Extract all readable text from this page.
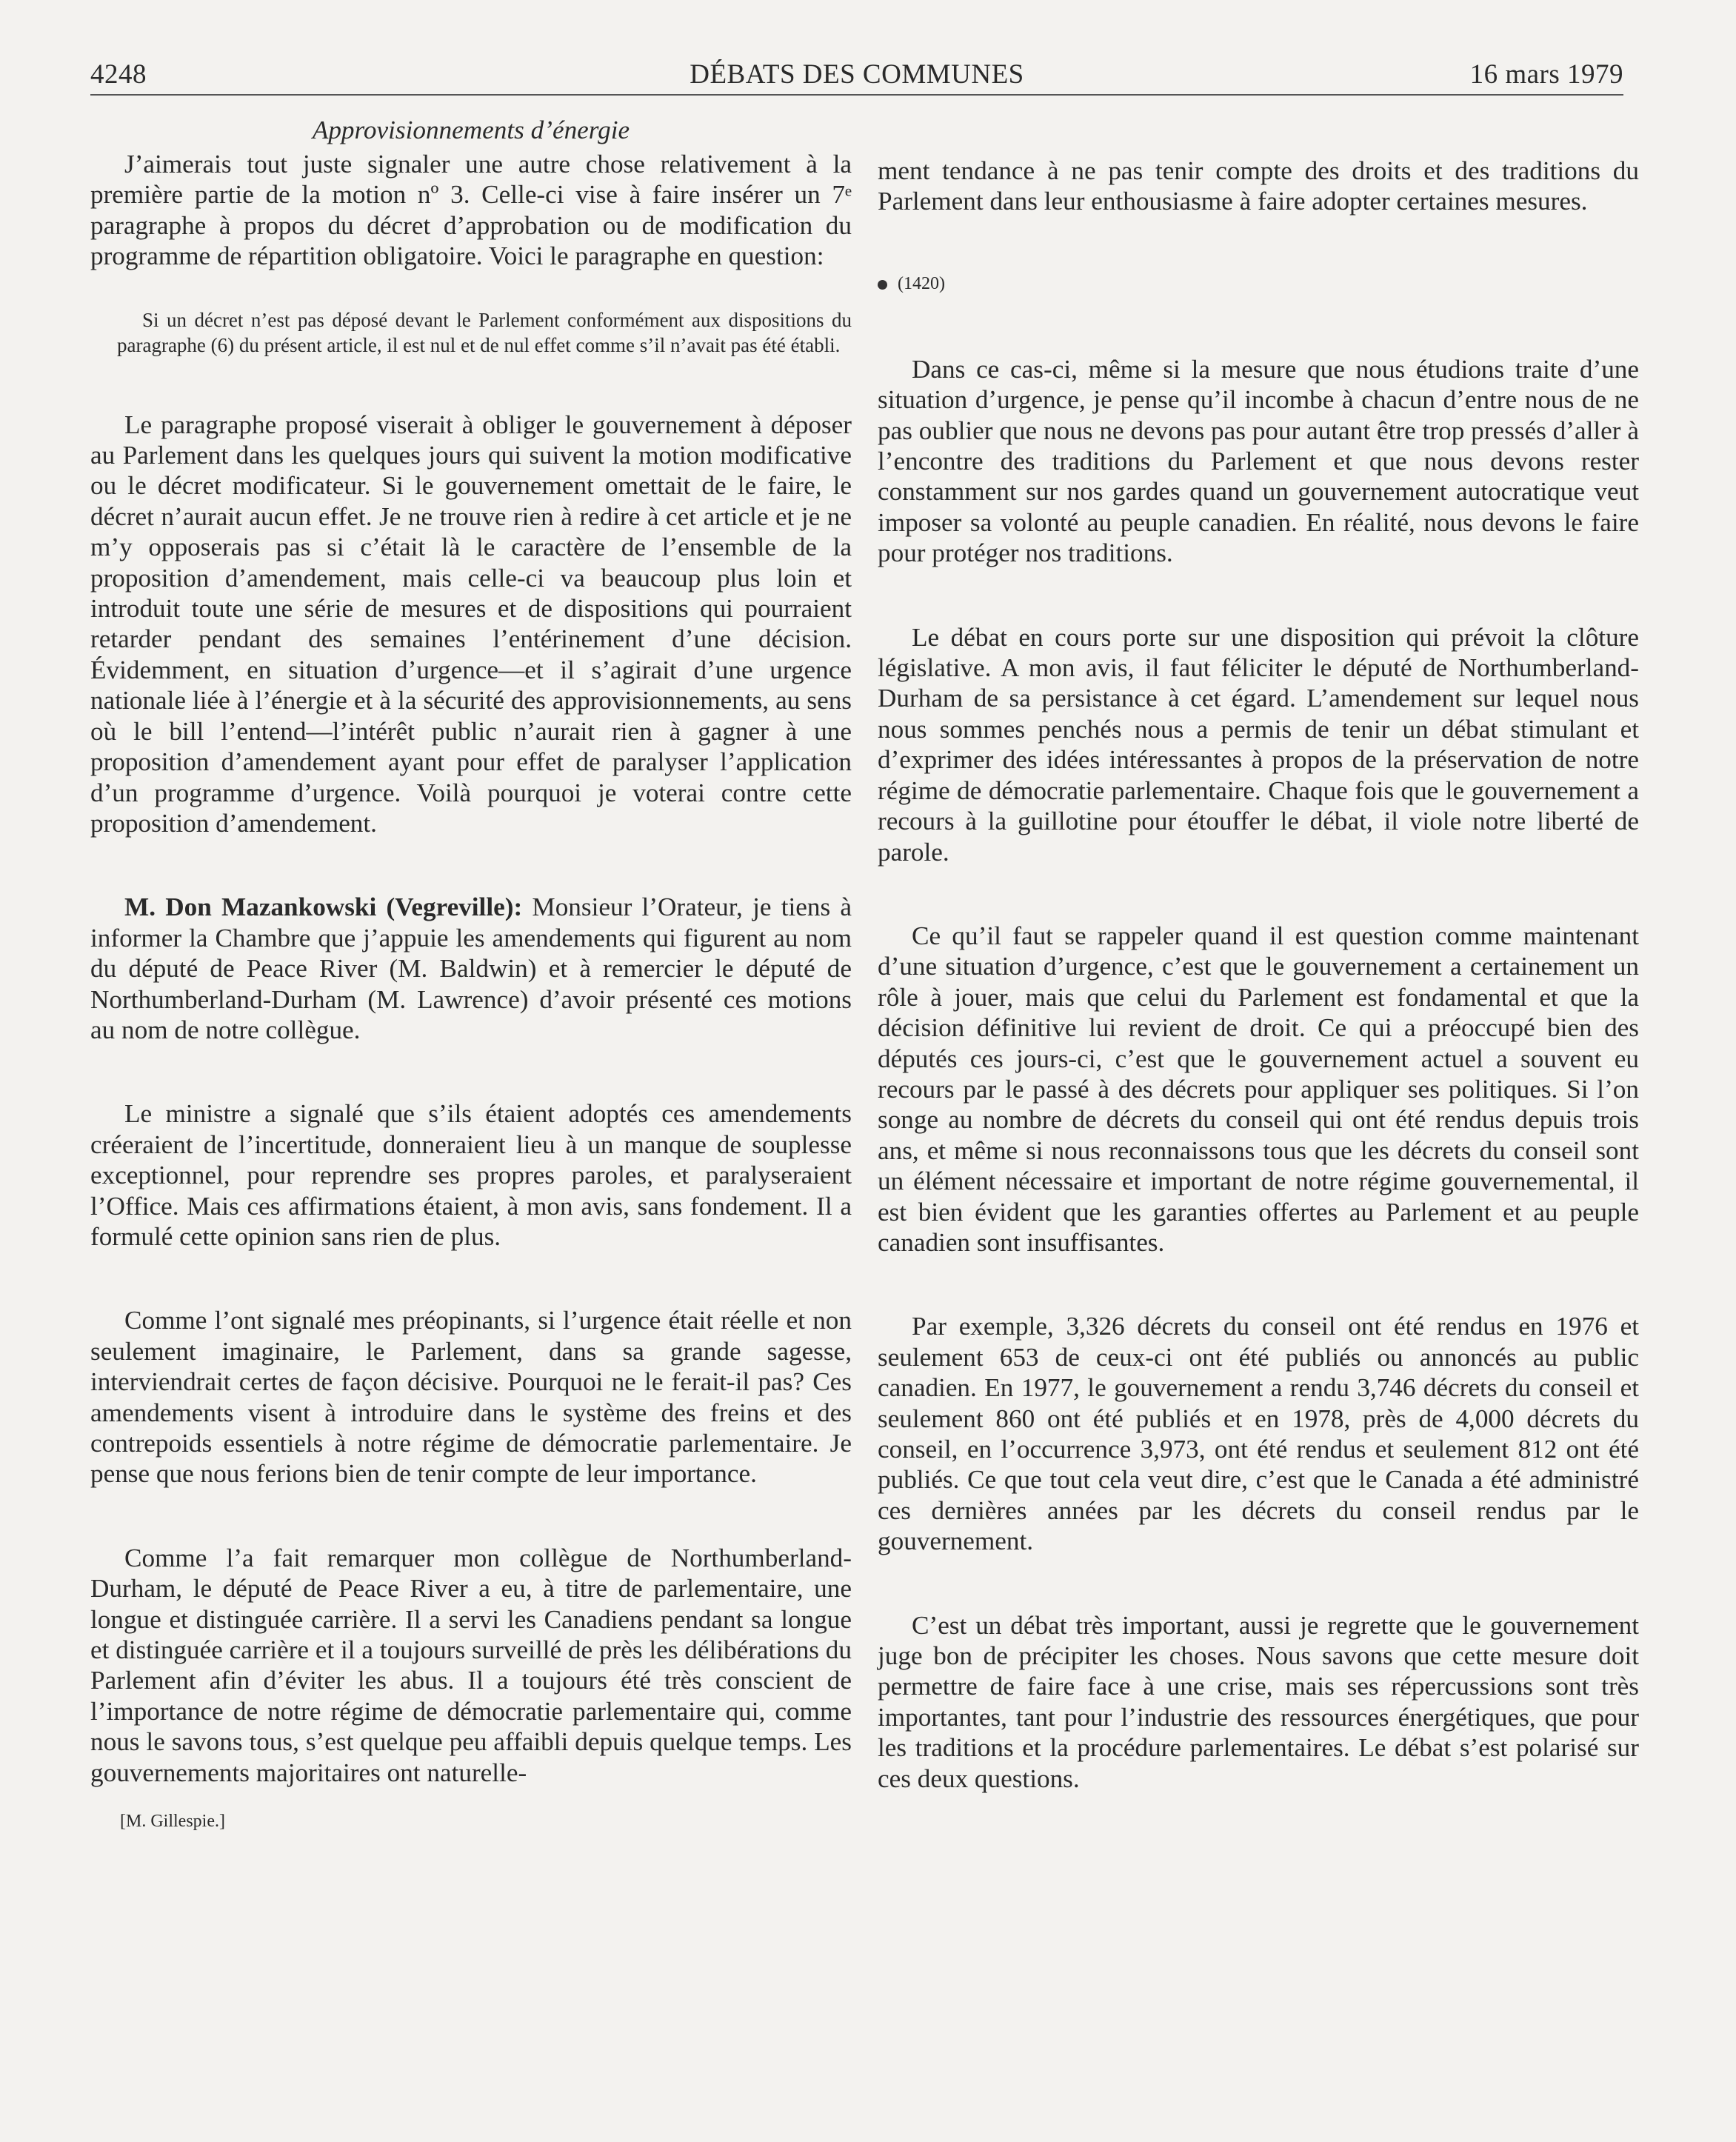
4248	DÉBATS DES COMMUNES	16 mars 1979

Approvisionnements d’énergie

J’aimerais tout juste signaler une autre chose relativement à la première partie de la motion nº 3. Celle-ci vise à faire insérer un 7ᵉ paragraphe à propos du décret d’approbation ou de modification du programme de répartition obligatoire. Voici le paragraphe en question:

Si un décret n’est pas déposé devant le Parlement conformément aux dispositions du paragraphe (6) du présent article, il est nul et de nul effet comme s’il n’avait pas été établi.

Le paragraphe proposé viserait à obliger le gouvernement à déposer au Parlement dans les quelques jours qui suivent la motion modificative ou le décret modificateur. Si le gouvernement omettait de le faire, le décret n’aurait aucun effet. Je ne trouve rien à redire à cet article et je ne m’y opposerais pas si c’était là le caractère de l’ensemble de la proposition d’amendement, mais celle-ci va beaucoup plus loin et introduit toute une série de mesures et de dispositions qui pourraient retarder pendant des semaines l’entérinement d’une décision. Évidemment, en situation d’urgence—et il s’agirait d’une urgence nationale liée à l’énergie et à la sécurité des approvisionnements, au sens où le bill l’entend—l’intérêt public n’aurait rien à gagner à une proposition d’amendement ayant pour effet de paralyser l’application d’un programme d’urgence. Voilà pourquoi je voterai contre cette proposition d’amendement.

M. Don Mazankowski (Vegreville): Monsieur l’Orateur, je tiens à informer la Chambre que j’appuie les amendements qui figurent au nom du député de Peace River (M. Baldwin) et à remercier le député de Northumberland-Durham (M. Lawrence) d’avoir présenté ces motions au nom de notre collègue.

Le ministre a signalé que s’ils étaient adoptés ces amendements créeraient de l’incertitude, donneraient lieu à un manque de souplesse exceptionnel, pour reprendre ses propres paroles, et paralyseraient l’Office. Mais ces affirmations étaient, à mon avis, sans fondement. Il a formulé cette opinion sans rien de plus.

Comme l’ont signalé mes préopinants, si l’urgence était réelle et non seulement imaginaire, le Parlement, dans sa grande sagesse, interviendrait certes de façon décisive. Pourquoi ne le ferait-il pas? Ces amendements visent à introduire dans le système des freins et des contrepoids essentiels à notre régime de démocratie parlementaire. Je pense que nous ferions bien de tenir compte de leur importance.

Comme l’a fait remarquer mon collègue de Northumberland-Durham, le député de Peace River a eu, à titre de parlementaire, une longue et distinguée carrière. Il a servi les Canadiens pendant sa longue et distinguée carrière et il a toujours surveillé de près les délibérations du Parlement afin d’éviter les abus. Il a toujours été très conscient de l’importance de notre régime de démocratie parlementaire qui, comme nous le savons tous, s’est quelque peu affaibli depuis quelque temps. Les gouvernements majoritaires ont naturelle-

[M. Gillespie.]

ment tendance à ne pas tenir compte des droits et des traditions du Parlement dans leur enthousiasme à faire adopter certaines mesures.

(1420)

Dans ce cas-ci, même si la mesure que nous étudions traite d’une situation d’urgence, je pense qu’il incombe à chacun d’entre nous de ne pas oublier que nous ne devons pas pour autant être trop pressés d’aller à l’encontre des traditions du Parlement et que nous devons rester constamment sur nos gardes quand un gouvernement autocratique veut imposer sa volonté au peuple canadien. En réalité, nous devons le faire pour protéger nos traditions.

Le débat en cours porte sur une disposition qui prévoit la clôture législative. A mon avis, il faut féliciter le député de Northumberland-Durham de sa persistance à cet égard. L’amendement sur lequel nous nous sommes penchés nous a permis de tenir un débat stimulant et d’exprimer des idées intéressantes à propos de la préservation de notre régime de démocratie parlementaire. Chaque fois que le gouvernement a recours à la guillotine pour étouffer le débat, il viole notre liberté de parole.

Ce qu’il faut se rappeler quand il est question comme maintenant d’une situation d’urgence, c’est que le gouvernement a certainement un rôle à jouer, mais que celui du Parlement est fondamental et que la décision définitive lui revient de droit. Ce qui a préoccupé bien des députés ces jours-ci, c’est que le gouvernement actuel a souvent eu recours par le passé à des décrets pour appliquer ses politiques. Si l’on songe au nombre de décrets du conseil qui ont été rendus depuis trois ans, et même si nous reconnaissons tous que les décrets du conseil sont un élément nécessaire et important de notre régime gouvernemental, il est bien évident que les garanties offertes au Parlement et au peuple canadien sont insuffisantes.

Par exemple, 3,326 décrets du conseil ont été rendus en 1976 et seulement 653 de ceux-ci ont été publiés ou annoncés au public canadien. En 1977, le gouvernement a rendu 3,746 décrets du conseil et seulement 860 ont été publiés et en 1978, près de 4,000 décrets du conseil, en l’occurrence 3,973, ont été rendus et seulement 812 ont été publiés. Ce que tout cela veut dire, c’est que le Canada a été administré ces dernières années par les décrets du conseil rendus par le gouvernement.

C’est un débat très important, aussi je regrette que le gouvernement juge bon de précipiter les choses. Nous savons que cette mesure doit permettre de faire face à une crise, mais ses répercussions sont très importantes, tant pour l’industrie des ressources énergétiques, que pour les traditions et la procédure parlementaires. Le débat s’est polarisé sur ces deux questions.
